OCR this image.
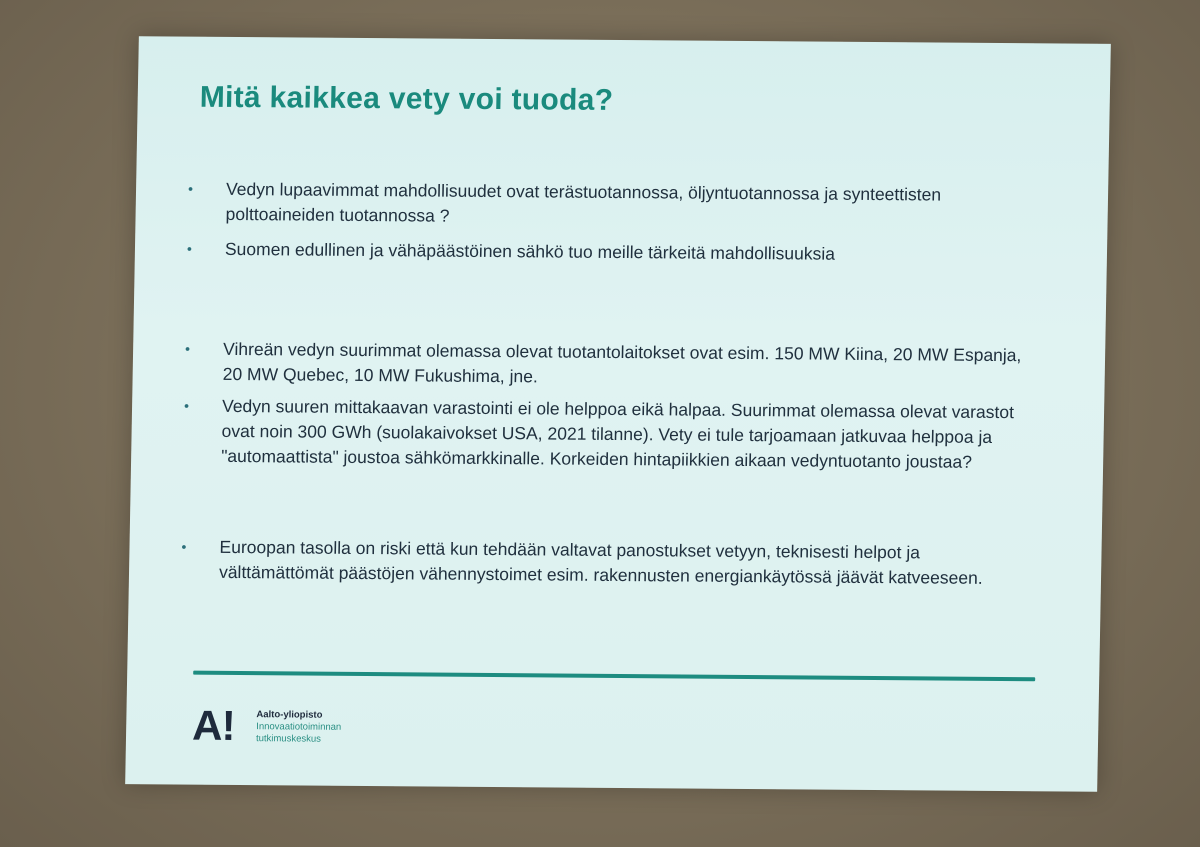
Mitä kaikkea vety voi tuoda?
• Vedyn lupaavimmat mahdollisuudet ovat terästuotannossa, öljyntuotannossa ja synteettisten polttoaineiden tuotannossa ?
• Suomen edullinen ja vähäpäästöinen sähkö tuo meille tärkeitä mahdollisuuksia
• Vihreän vedyn suurimmat olemassa olevat tuotantolaitokset ovat esim. 150 MW Kiina, 20 MW Espanja, 20 MW Quebec, 10 MW Fukushima, jne.
• Vedyn suuren mittakaavan varastointi ei ole helppoa eikä halpaa. Suurimmat olemassa olevat varastot ovat noin 300 GWh (suolakaivokset USA, 2021 tilanne). Vety ei tule tarjoamaan jatkuvaa helppoa ja "automaattista" joustoa sähkömarkkinalle. Korkeiden hintapiikkien aikaan vedyntuotanto joustaa?
• Euroopan tasolla on riski että kun tehdään valtavat panostukset vetyyn, teknisesti helpot ja välttämättömät päästöjen vähennystoimet esim. rakennusten energiankäytössä jäävät katveeseen.
A! Aalto-yliopisto
Innovaatiotoiminnan
tutkimuskeskus
